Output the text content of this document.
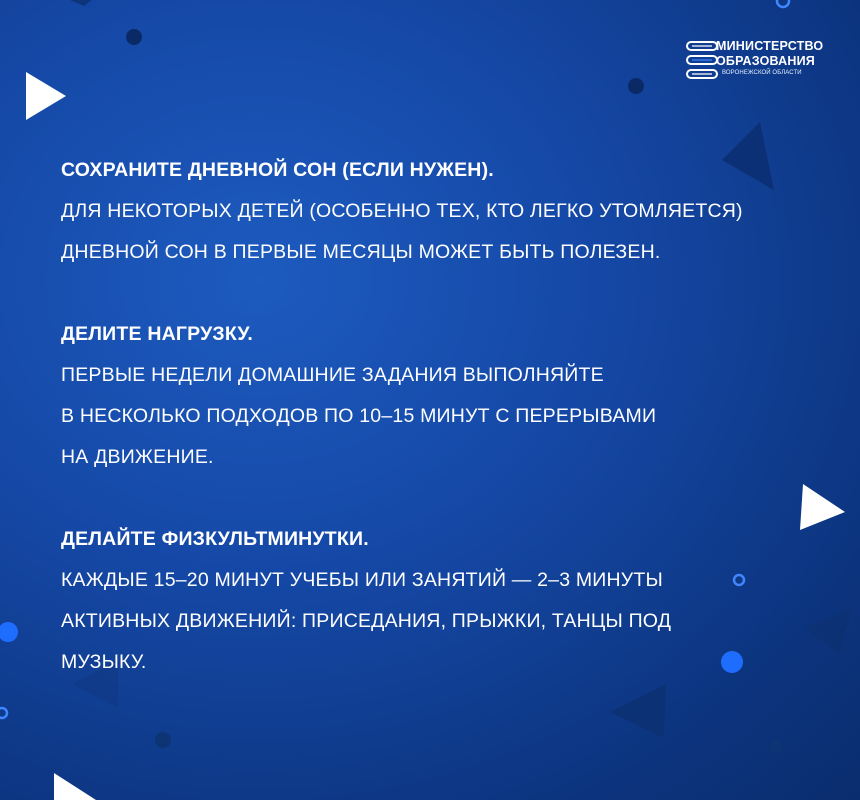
МИНИСТЕРСТВО
ОБРАЗОВАНИЯ
ВОРОНЕЖСКОЙ ОБЛАСТИ
СОХРАНИТЕ ДНЕВНОЙ СОН (ЕСЛИ НУЖЕН).
ДЛЯ НЕКОТОРЫХ ДЕТЕЙ (ОСОБЕННО ТЕХ, КТО ЛЕГКО УТОМЛЯЕТСЯ)
ДНЕВНОЙ СОН В ПЕРВЫЕ МЕСЯЦЫ МОЖЕТ БЫТЬ ПОЛЕЗЕН.
ДЕЛИТЕ НАГРУЗКУ.
ПЕРВЫЕ НЕДЕЛИ ДОМАШНИЕ ЗАДАНИЯ ВЫПОЛНЯЙТЕ
В НЕСКОЛЬКО ПОДХОДОВ ПО 10–15 МИНУТ С ПЕРЕРЫВАМИ
НА ДВИЖЕНИЕ.
ДЕЛАЙТЕ ФИЗКУЛЬТМИНУТКИ.
КАЖДЫЕ 15–20 МИНУТ УЧЕБЫ ИЛИ ЗАНЯТИЙ — 2–3 МИНУТЫ
АКТИВНЫХ ДВИЖЕНИЙ: ПРИСЕДАНИЯ, ПРЫЖКИ, ТАНЦЫ ПОД
МУЗЫКУ.
